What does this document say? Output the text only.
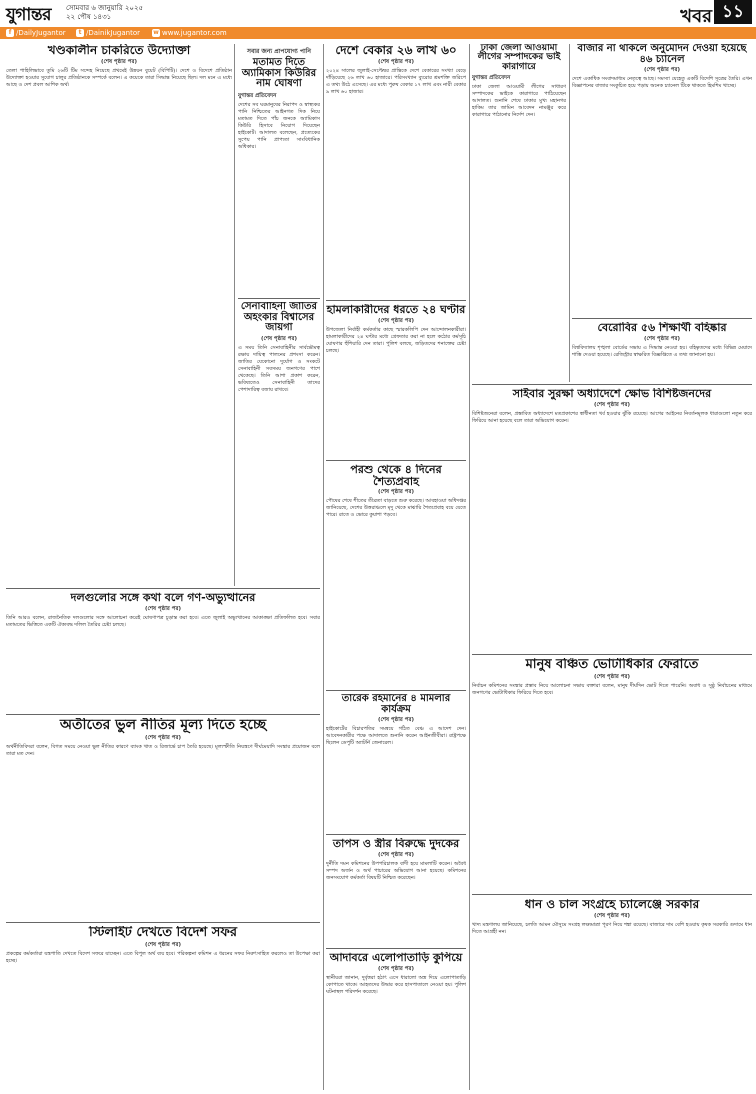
যুগান্তর সোমবার ৬ জানুয়ারি ২০২৫
২২ পৌষ ১৪৩১	খবর ১১
f /DailyJugantor	t /DainikJugantor w www.jugantor.com
খণ্ডকালীন চাকরিতে উদ্যোক্তা
(শেষ পৃষ্ঠার পর)
তেলা পাহিলিভাবে তুমি ২৬টি টিম সন্দেহ নিয়েছে প্রথমেই উন্নয়ন বুয়েট (বিপিটি)। দেশে ও বিদেশে প্রতিষ্ঠান উদ্যোক্তা হওয়ার সুযোগ চালুর প্রতিষ্ঠানকে সম্পর্কে বলেন। এ কয়েকে তারা সিদ্ধান্ত নিয়েছে ছিল। দল মনে এ মধ্যে আছে ও দেশ প্রবল আশিক অর্থ।
সবার জন্য প্রাপযোগ্য পানি
মতামত দিতে অ্যামিকাস কিউরির নাম ঘোষণা
যুগান্তর প্রতিবেদন
দেশের সব ঘরমানুষের নিরাপদ ও স্বাস্থ্যকর পানি নিশ্চিতের আইনগত দিক নিয়ে মতামত দিতে পাঁচ জনকে অ্যামিকাস কিউরি হিসাবে নিয়োগ দিয়েছেন হাইকোর্ট। আদালত বলেছেন, প্রত্যেকের সুপেয় পানি প্রাপ্যতা সাংবিধানিক অধিকার।
সেনাবাহিনী জাতির অহংকার বিশ্বাসের জায়গা
(শেষ পৃষ্ঠার পর)
এ সময় তিনি সেনাবাহিনীর সার্বভৌমত্ব রক্ষায় দায়িত্ব পালনের প্রশংসা করেন। জাতির যেকোনো দুর্যোগ ও সংকটে সেনাবাহিনী সবসময় জনগণের পাশে থেকেছে। তিনি আশা প্রকাশ করেন, ভবিষ্যতেও সেনাবাহিনী তাদের পেশাদারিত্ব বজায় রাখবে।
দেশে বেকার ২৬ লাখ ৬০
(শেষ পৃষ্ঠার পর)
২০২৪ সালের জুলাই-সেপ্টেম্বর প্রান্তিকে দেশে বেকারের সংখ্যা বেড়ে দাঁড়িয়েছে ২৬ লাখ ৬০ হাজারে। পরিসংখ্যান ব্যুরোর শ্রমশক্তি জরিপে এ তথ্য উঠে এসেছে। এর মধ্যে পুরুষ বেকার ১৭ লাখ এবং নারী বেকার ৯ লাখ ৬০ হাজার।
হামলাকারীদের ধরতে ২৪ ঘণ্টার
(শেষ পৃষ্ঠার পর)
উপজেলা নির্বাহী কর্মকর্তার কাছে স্মারকলিপি দেন আন্দোলনকারীরা। হামলাকারীদের ২৪ ঘণ্টার মধ্যে গ্রেফতার করা না হলে কঠোর কর্মসূচি ঘোষণার হুঁশিয়ারি দেন তারা। পুলিশ বলছে, জড়িতদের শনাক্তের চেষ্টা চলছে।
পরশু থেকে ৪ দিনের শৈত্যপ্রবাহ
(শেষ পৃষ্ঠার পর)
পৌষের শেষে শীতের তীব্রতা বাড়তে শুরু করেছে। আবহাওয়া অধিদপ্তর জানিয়েছে, দেশের উত্তরাঞ্চলে মৃদু থেকে মাঝারি শৈত্যপ্রবাহ বয়ে যেতে পারে। রাতে ও ভোরে কুয়াশা পড়বে।
তারেক রহমানের ৪ মামলার কার্যক্রম
(শেষ পৃষ্ঠার পর)
হাইকোর্টের বিচারপতির সমন্বয়ে গঠিত বেঞ্চ এ আদেশ দেন। আবেদনকারীর পক্ষে আদালতে শুনানি করেন আইনজীবীরা। রাষ্ট্রপক্ষে ছিলেন ডেপুটি অ্যাটর্নি জেনারেল।
তাপস ও স্ত্রীর বিরুদ্ধে দুদকের
(শেষ পৃষ্ঠার পর)
দুর্নীতি দমন কমিশনের উপপরিচালক বাদী হয়ে মামলাটি করেন। অবৈধ সম্পদ অর্জন ও অর্থ পাচারের অভিযোগ আনা হয়েছে। কমিশনের জনসংযোগ কর্মকর্তা বিষয়টি নিশ্চিত করেছেন।
আদাবরে এলোপাতাড়ি কুপিয়ে
(শেষ পৃষ্ঠার পর)
স্থানীয়রা জানান, দুর্বৃত্তরা হঠাৎ এসে ধারালো অস্ত্র দিয়ে এলোপাতাড়ি কোপাতে থাকে। আহতদের উদ্ধার করে হাসপাতালে নেওয়া হয়। পুলিশ ঘটনাস্থল পরিদর্শন করেছে।
ঢাকা জেলা আওয়ামী লীগের সম্পাদকের ভাই কারাগারে
যুগান্তর প্রতিবেদন
ঢাকা জেলা আওয়ামী লীগের সাধারণ সম্পাদকের ভাইকে কারাগারে পাঠিয়েছেন আদালত। শুনানি শেষে ঢাকার মুখ্য মহানগর হাকিম তার জামিন আবেদন নামঞ্জুর করে কারাগারে পাঠানোর নির্দেশ দেন।
বাজার না থাকলে অনুমোদন দেওয়া হয়েছে ৪৬ চ্যানেল
(শেষ পৃষ্ঠার পর)
দেশে একাধিক সংবাদমাধ্যম নেতৃত্বে আছে। সমস্যা যেহেতু একটি বিদেশি সূত্রের তৈরি। এখন বিজ্ঞাপনের বাজার সংকুচিত হয়ে পড়ায় অনেক চ্যানেল টিকে থাকতে হিমশিম খাচ্ছে।
বেরোবির ৫৬ শিক্ষার্থী বহিষ্কার
(শেষ পৃষ্ঠার পর)
বিশ্ববিদ্যালয় শৃঙ্খলা বোর্ডের সভায় এ সিদ্ধান্ত নেওয়া হয়। বহিষ্কৃতদের মধ্যে বিভিন্ন মেয়াদে শাস্তি দেওয়া হয়েছে। রেজিস্ট্রার স্বাক্ষরিত বিজ্ঞপ্তিতে এ তথ্য জানানো হয়।
সাইবার সুরক্ষা অধ্যাদেশে ক্ষোভ বিশিষ্টজনদের
(শেষ পৃষ্ঠার পর)
বিশিষ্টজনেরা বলেন, প্রস্তাবিত অধ্যাদেশে মতপ্রকাশের স্বাধীনতা খর্ব হওয়ার ঝুঁকি রয়েছে। আগের আইনের নিবর্তনমূলক ধারাগুলো নতুন করে ফিরিয়ে আনা হয়েছে বলে তারা অভিযোগ করেন।
মানুষ বঞ্চিত ভোটাধিকার ফেরাতে
(শেষ পৃষ্ঠার পর)
নির্বাচন কমিশনের সংস্কার প্রস্তাব নিয়ে আলোচনা সভায় বক্তারা বলেন, মানুষ দীর্ঘদিন ভোট দিতে পারেনি। অবাধ ও সুষ্ঠু নির্বাচনের মাধ্যমে জনগণের ভোটাধিকার ফিরিয়ে দিতে হবে।
ধান ও চাল সংগ্রহে চ্যালেঞ্জে সরকার
(শেষ পৃষ্ঠার পর)
খাদ্য মন্ত্রণালয় জানিয়েছে, চলতি আমন মৌসুমে সংগ্রহ লক্ষ্যমাত্রা পূরণ নিয়ে শঙ্কা রয়েছে। বাজারে দাম বেশি হওয়ায় কৃষক সরকারি গুদামে ধান দিতে আগ্রহী নন।
দলগুলোর সঙ্গে কথা বলে গণ-অভ্যুত্থানের
(শেষ পৃষ্ঠার পর)
তিনি আরও বলেন, রাজনৈতিক দলগুলোর সঙ্গে আলোচনা করেই ঘোষণাপত্র চূড়ান্ত করা হবে। এতে জুলাই অভ্যুত্থানের আকাঙ্ক্ষা প্রতিফলিত হবে। সবার মতামতের ভিত্তিতে একটি ঐক্যবদ্ধ দলিল তৈরির চেষ্টা চলছে।
অতীতের ভুল নীতির মূল্য দিতে হচ্ছে
(শেষ পৃষ্ঠার পর)
অর্থনীতিবিদরা বলেন, বিগত সময়ে নেওয়া ভুল নীতির কারণে ব্যাংক খাত ও রিজার্ভে চাপ তৈরি হয়েছে। মূল্যস্ফীতি নিয়ন্ত্রণে দীর্ঘমেয়াদি সংস্কার প্রয়োজন বলে তারা মত দেন।
স্টিলাইট দেখতে বিদেশ সফর
(শেষ পৃষ্ঠার পর)
প্রকল্পের কর্মকর্তারা যন্ত্রপাতি দেখতে বিদেশ সফরে যাচ্ছেন। এতে বিপুল অর্থ ব্যয় হবে। পরিকল্পনা কমিশন এ ধরনের সফর নিরুৎসাহিত করলেও তা উপেক্ষা করা হচ্ছে।
